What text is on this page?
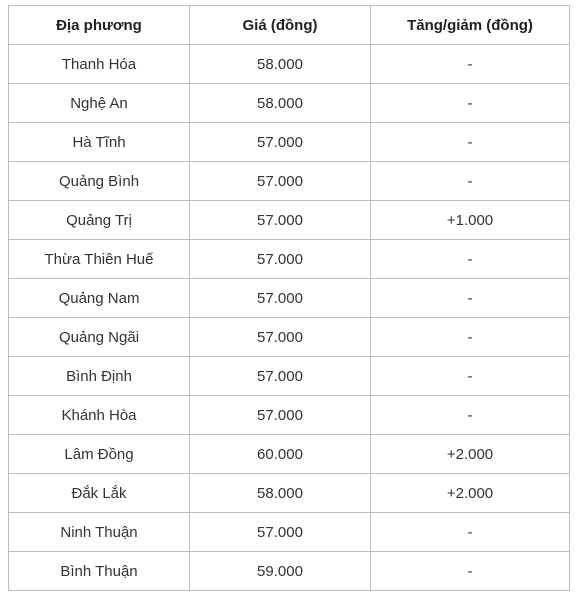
Địa phương	Giá (đồng)	Tăng/giảm (đồng)
Thanh Hóa	58.000	-
Nghệ An	58.000	-
Hà Tĩnh	57.000	-
Quảng Bình	57.000	-
Quảng Trị	57.000	+1.000
Thừa Thiên Huế	57.000	-
Quảng Nam	57.000	-
Quảng Ngãi	57.000	-
Bình Định	57.000	-
Khánh Hòa	57.000	-
Lâm Đồng	60.000	+2.000
Đắk Lắk	58.000	+2.000
Ninh Thuận	57.000	-
Bình Thuận	59.000	-
